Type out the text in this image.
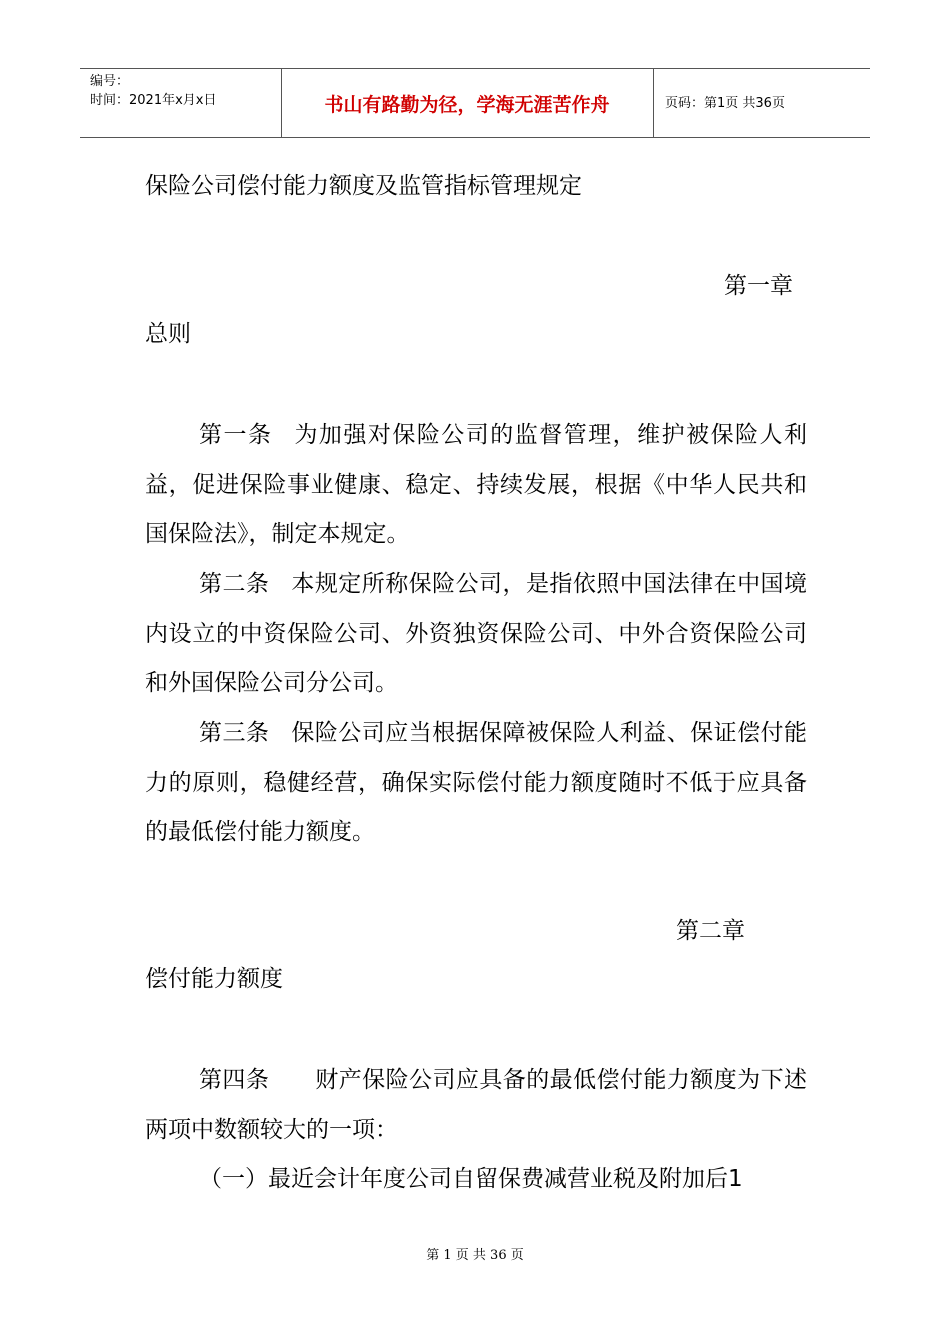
编号：
时间：2021年x月x日	书山有路勤为径，学海无涯苦作舟	页码：第1页 共36页
保险公司偿付能力额度及监管指标管理规定
第一章
总则

第一条 为加强对保险公司的监督管理，维护被保险人利益，促进保险事业健康、稳定、持续发展，根据《中华人民共和国保险法》，制定本规定。

第二条 本规定所称保险公司，是指依照中国法律在中国境内设立的中资保险公司、外资独资保险公司、中外合资保险公司和外国保险公司分公司。

第三条 保险公司应当根据保障被保险人利益、保证偿付能力的原则，稳健经营，确保实际偿付能力额度随时不低于应具备的最低偿付能力额度。

第二章
偿付能力额度

第四条 财产保险公司应具备的最低偿付能力额度为下述两项中数额较大的一项：

（一）最近会计年度公司自留保费减营业税及附加后1

第 1 页 共 36 页
